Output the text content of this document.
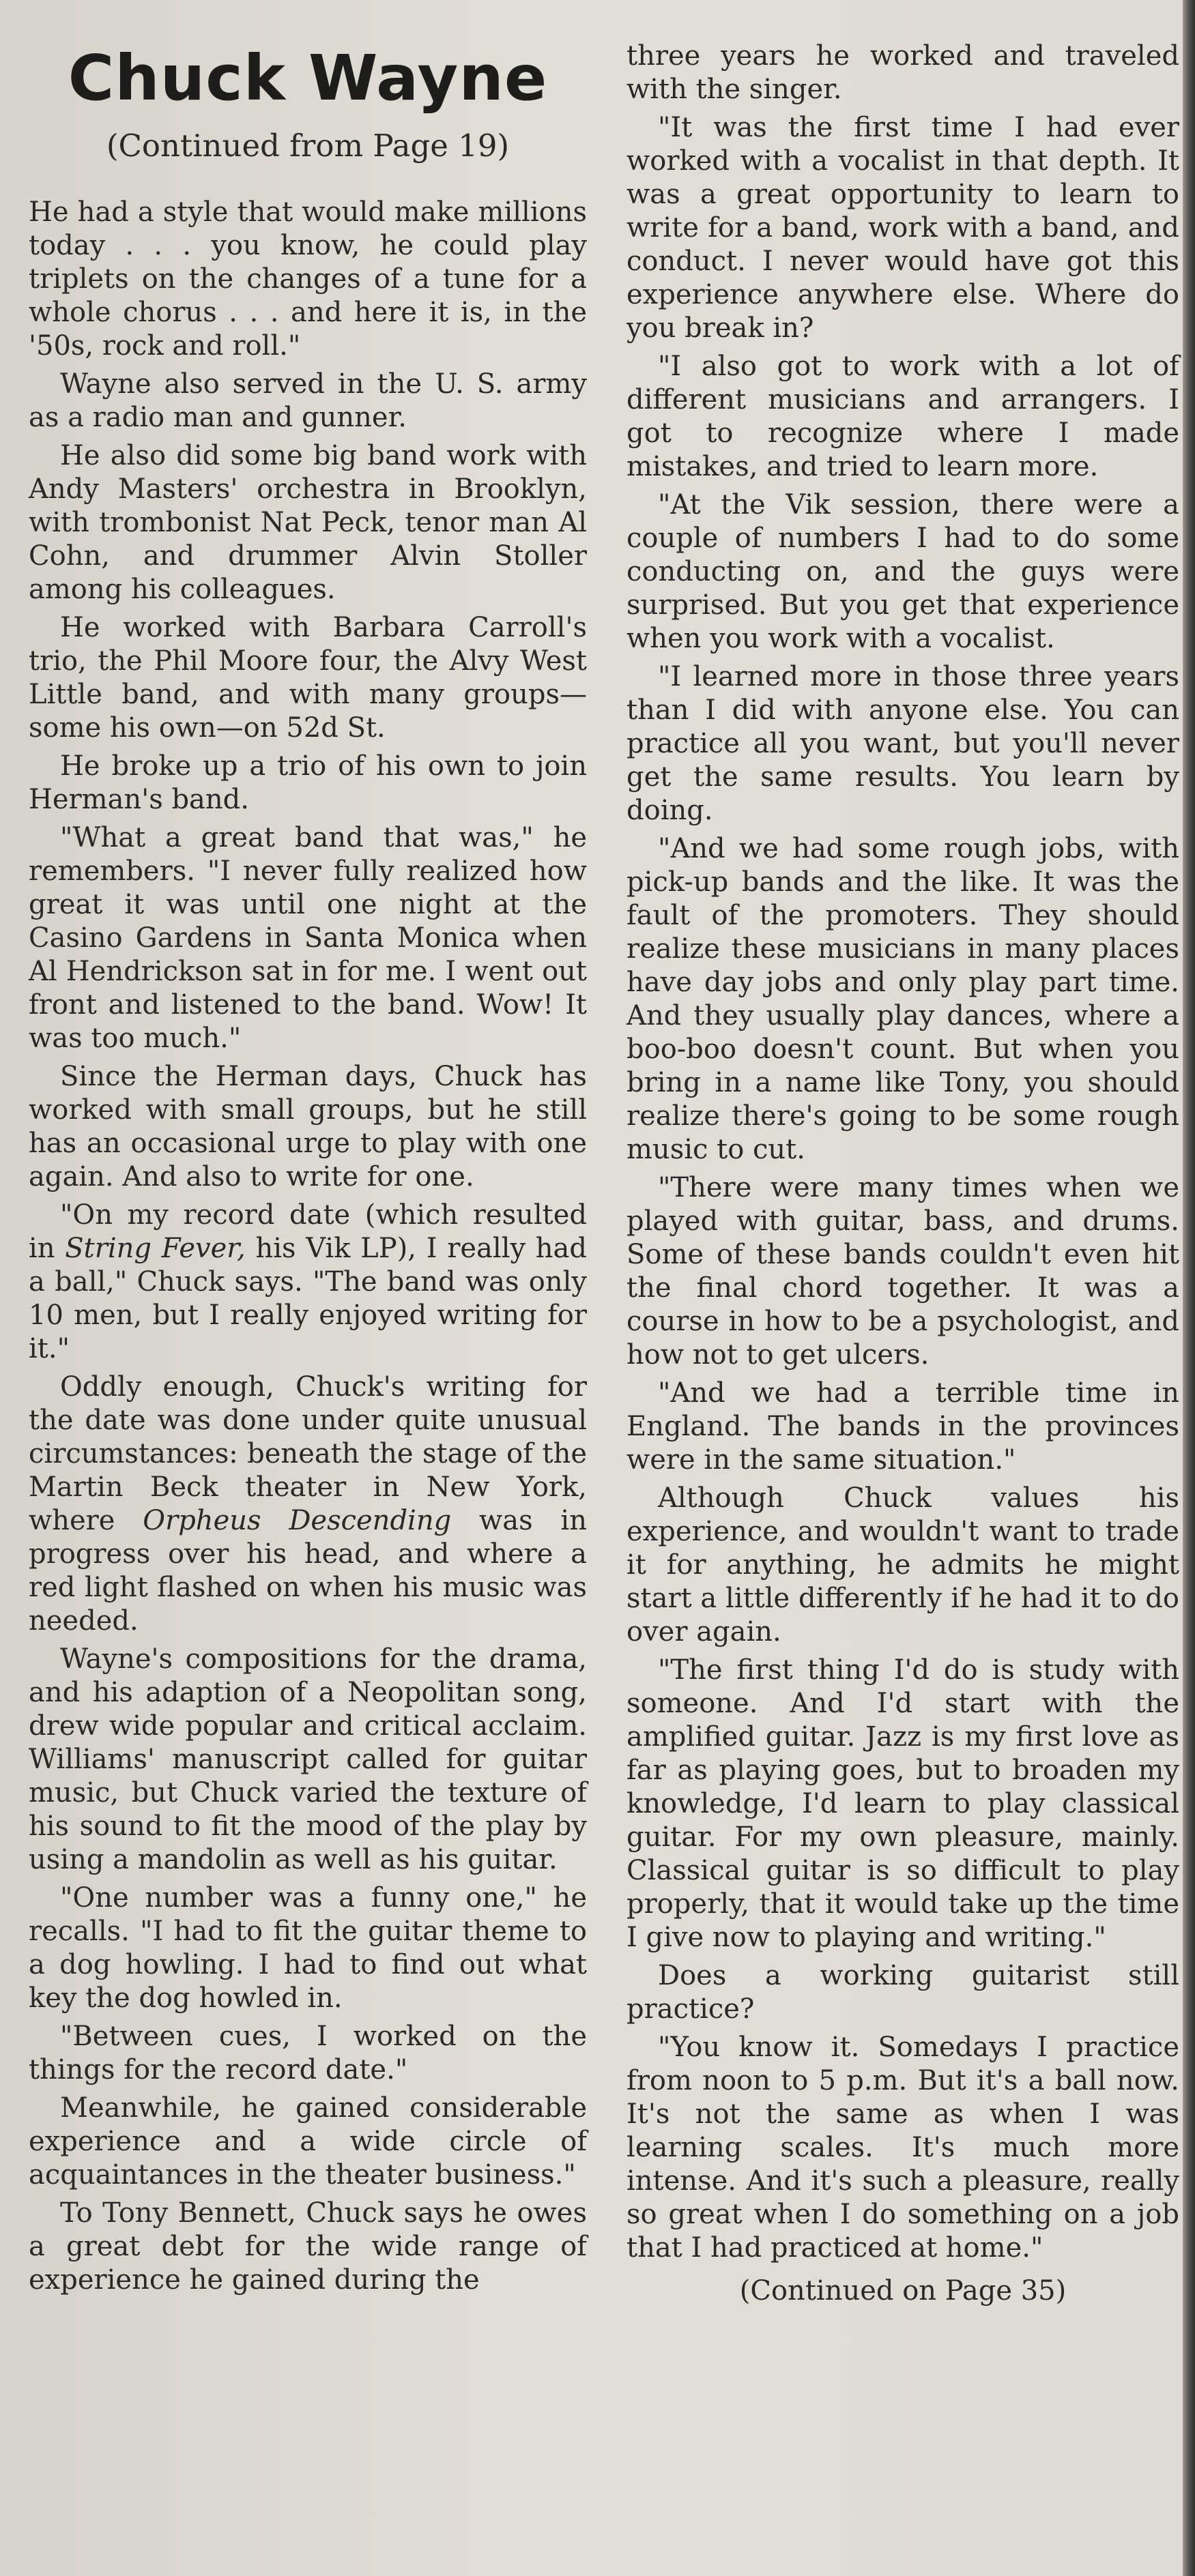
Chuck Wayne
(Continued from Page 19)

He had a style that would make millions today . . . you know, he could play triplets on the changes of a tune for a whole chorus . . . and here it is, in the '50s, rock and roll."

Wayne also served in the U. S. army as a radio man and gunner.

He also did some big band work with Andy Masters' orchestra in Brooklyn, with trombonist Nat Peck, tenor man Al Cohn, and drummer Alvin Stoller among his colleagues.

He worked with Barbara Carroll's trio, the Phil Moore four, the Alvy West Little band, and with many groups—some his own—on 52d St.

He broke up a trio of his own to join Herman's band.

"What a great band that was," he remembers. "I never fully realized how great it was until one night at the Casino Gardens in Santa Monica when Al Hendrickson sat in for me. I went out front and listened to the band. Wow! It was too much."

Since the Herman days, Chuck has worked with small groups, but he still has an occasional urge to play with one again. And also to write for one.

"On my record date (which resulted in String Fever, his Vik LP), I really had a ball," Chuck says. "The band was only 10 men, but I really enjoyed writing for it."

Oddly enough, Chuck's writing for the date was done under quite unusual circumstances: beneath the stage of the Martin Beck theater in New York, where Orpheus Descending was in progress over his head, and where a red light flashed on when his music was needed.

Wayne's compositions for the drama, and his adaption of a Neopolitan song, drew wide popular and critical acclaim. Williams' manuscript called for guitar music, but Chuck varied the texture of his sound to fit the mood of the play by using a mandolin as well as his guitar.

"One number was a funny one," he recalls. "I had to fit the guitar theme to a dog howling. I had to find out what key the dog howled in.

"Between cues, I worked on the things for the record date."

Meanwhile, he gained considerable experience and a wide circle of acquaintances in the theater business."

To Tony Bennett, Chuck says he owes a great debt for the wide range of experience he gained during the

three years he worked and traveled with the singer.

"It was the first time I had ever worked with a vocalist in that depth. It was a great opportunity to learn to write for a band, work with a band, and conduct. I never would have got this experience anywhere else. Where do you break in?

"I also got to work with a lot of different musicians and arrangers. I got to recognize where I made mistakes, and tried to learn more.

"At the Vik session, there were a couple of numbers I had to do some conducting on, and the guys were surprised. But you get that experience when you work with a vocalist.

"I learned more in those three years than I did with anyone else. You can practice all you want, but you'll never get the same results. You learn by doing.

"And we had some rough jobs, with pick-up bands and the like. It was the fault of the promoters. They should realize these musicians in many places have day jobs and only play part time. And they usually play dances, where a boo-boo doesn't count. But when you bring in a name like Tony, you should realize there's going to be some rough music to cut.

"There were many times when we played with guitar, bass, and drums. Some of these bands couldn't even hit the final chord together. It was a course in how to be a psychologist, and how not to get ulcers.

"And we had a terrible time in England. The bands in the provinces were in the same situation."

Although Chuck values his experience, and wouldn't want to trade it for anything, he admits he might start a little differently if he had it to do over again.

"The first thing I'd do is study with someone. And I'd start with the amplified guitar. Jazz is my first love as far as playing goes, but to broaden my knowledge, I'd learn to play classical guitar. For my own pleasure, mainly. Classical guitar is so difficult to play properly, that it would take up the time I give now to playing and writing."

Does a working guitarist still practice?

"You know it. Somedays I practice from noon to 5 p.m. But it's a ball now. It's not the same as when I was learning scales. It's much more intense. And it's such a pleasure, really so great when I do something on a job that I had practiced at home."

(Continued on Page 35)
